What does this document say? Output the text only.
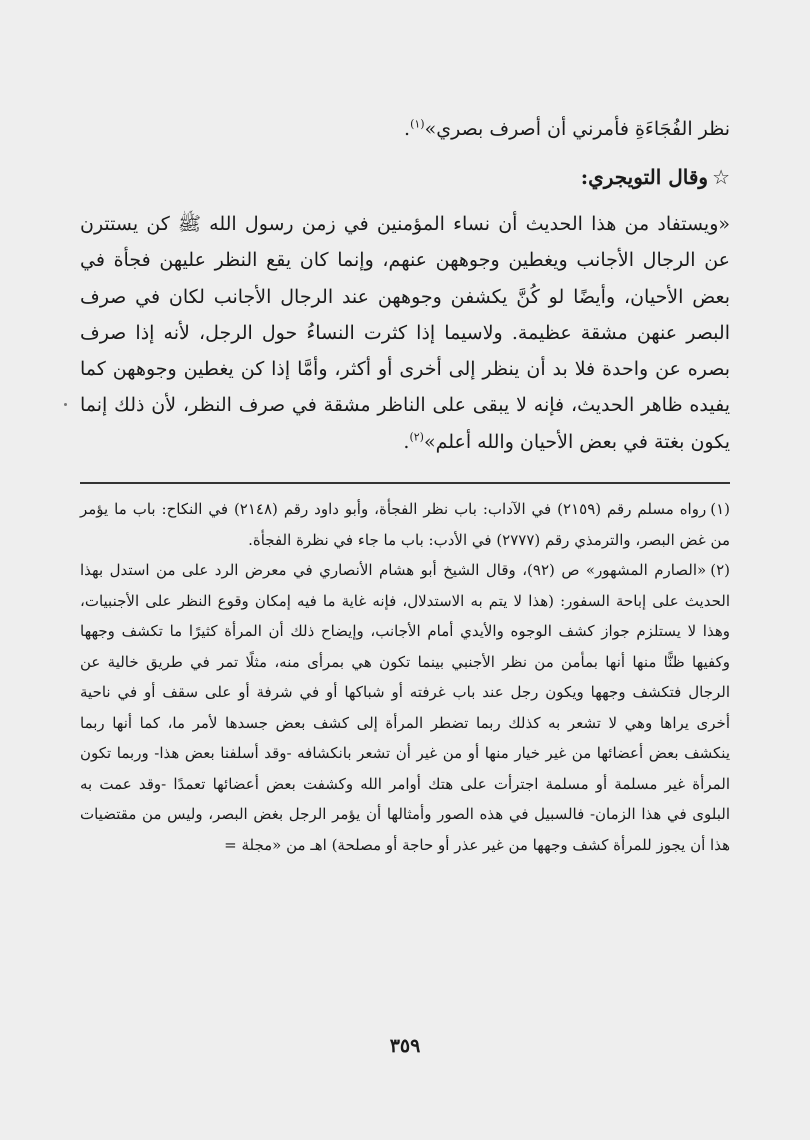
نظر الفُجَاءَةِ فأمرني أن أصرف بصري»$^{(١)}$.

☆وقال التويجري:

«ويستفاد من هذا الحديث أن نساء المؤمنين في زمن رسول الله ﷺ كن يستترن عن الرجال الأجانب ويغطين وجوههن عنهم، وإنما كان يقع النظر عليهن فجأة في بعض الأحيان، وأيضًا لو كُنَّ يكشفن وجوههن عند الرجال الأجانب لكان في صرف البصر عنهن مشقة عظيمة. ولاسيما إذا كثرت النساءُ حول الرجل، لأنه إذا صرف بصره عن واحدة فلا بد أن ينظر إلى أخرى أو أكثر، وأمَّا إذا كن يغطين وجوههن كما يفيده ظاهر الحديث، فإنه لا يبقى على الناظر مشقة في صرف النظر، لأن ذلك إنما يكون بغتة في بعض الأحيان والله أعلم»$^{(٢)}$.

(١)رواه مسلم رقم (٢١٥٩) في الآداب: باب نظر الفجأة، وأبو داود رقم (٢١٤٨) في النكاح: باب ما يؤمر من غض البصر، والترمذي رقم (٢٧٧٧) في الأدب: باب ما جاء في نظرة الفجأة.

(٢)«الصارم المشهور» ص (٩٢)، وقال الشيخ أبو هشام الأنصاري في معرض الرد على من استدل بهذا الحديث على إباحة السفور: (هذا لا يتم به الاستدلال، فإنه غاية ما فيه إمكان وقوع النظر على الأجنبيات، وهذا لا يستلزم جواز كشف الوجوه والأيدي أمام الأجانب، وإيضاح ذلك أن المرأة كثيرًا ما تكشف وجهها وكفيها ظنًّا منها أنها بمأمن من نظر الأجنبي بينما تكون هي بمرأى منه، مثلًا تمر في طريق خالية عن الرجال فتكشف وجهها ويكون رجل عند باب غرفته أو شباكها أو في شرفة أو على سقف أو في ناحية أخرى يراها وهي لا تشعر به كذلك ربما تضطر المرأة إلى كشف بعض جسدها لأمر ما، كما أنها ربما ينكشف بعض أعضائها من غير خيار منها أو من غير أن تشعر بانكشافه -وقد أسلفنا بعض هذا- وربما تكون المرأة غير مسلمة أو مسلمة اجترأت على هتك أوامر الله وكشفت بعض أعضائها تعمدًا -وقد عمت به البلوى في هذا الزمان- فالسبيل في هذه الصور وأمثالها أن يؤمر الرجل بغض البصر، وليس من مقتضيات هذا أن يجوز للمرأة كشف وجهها من غير عذر أو حاجة أو مصلحة) اهـ من «مجلة =

٣٥٩
